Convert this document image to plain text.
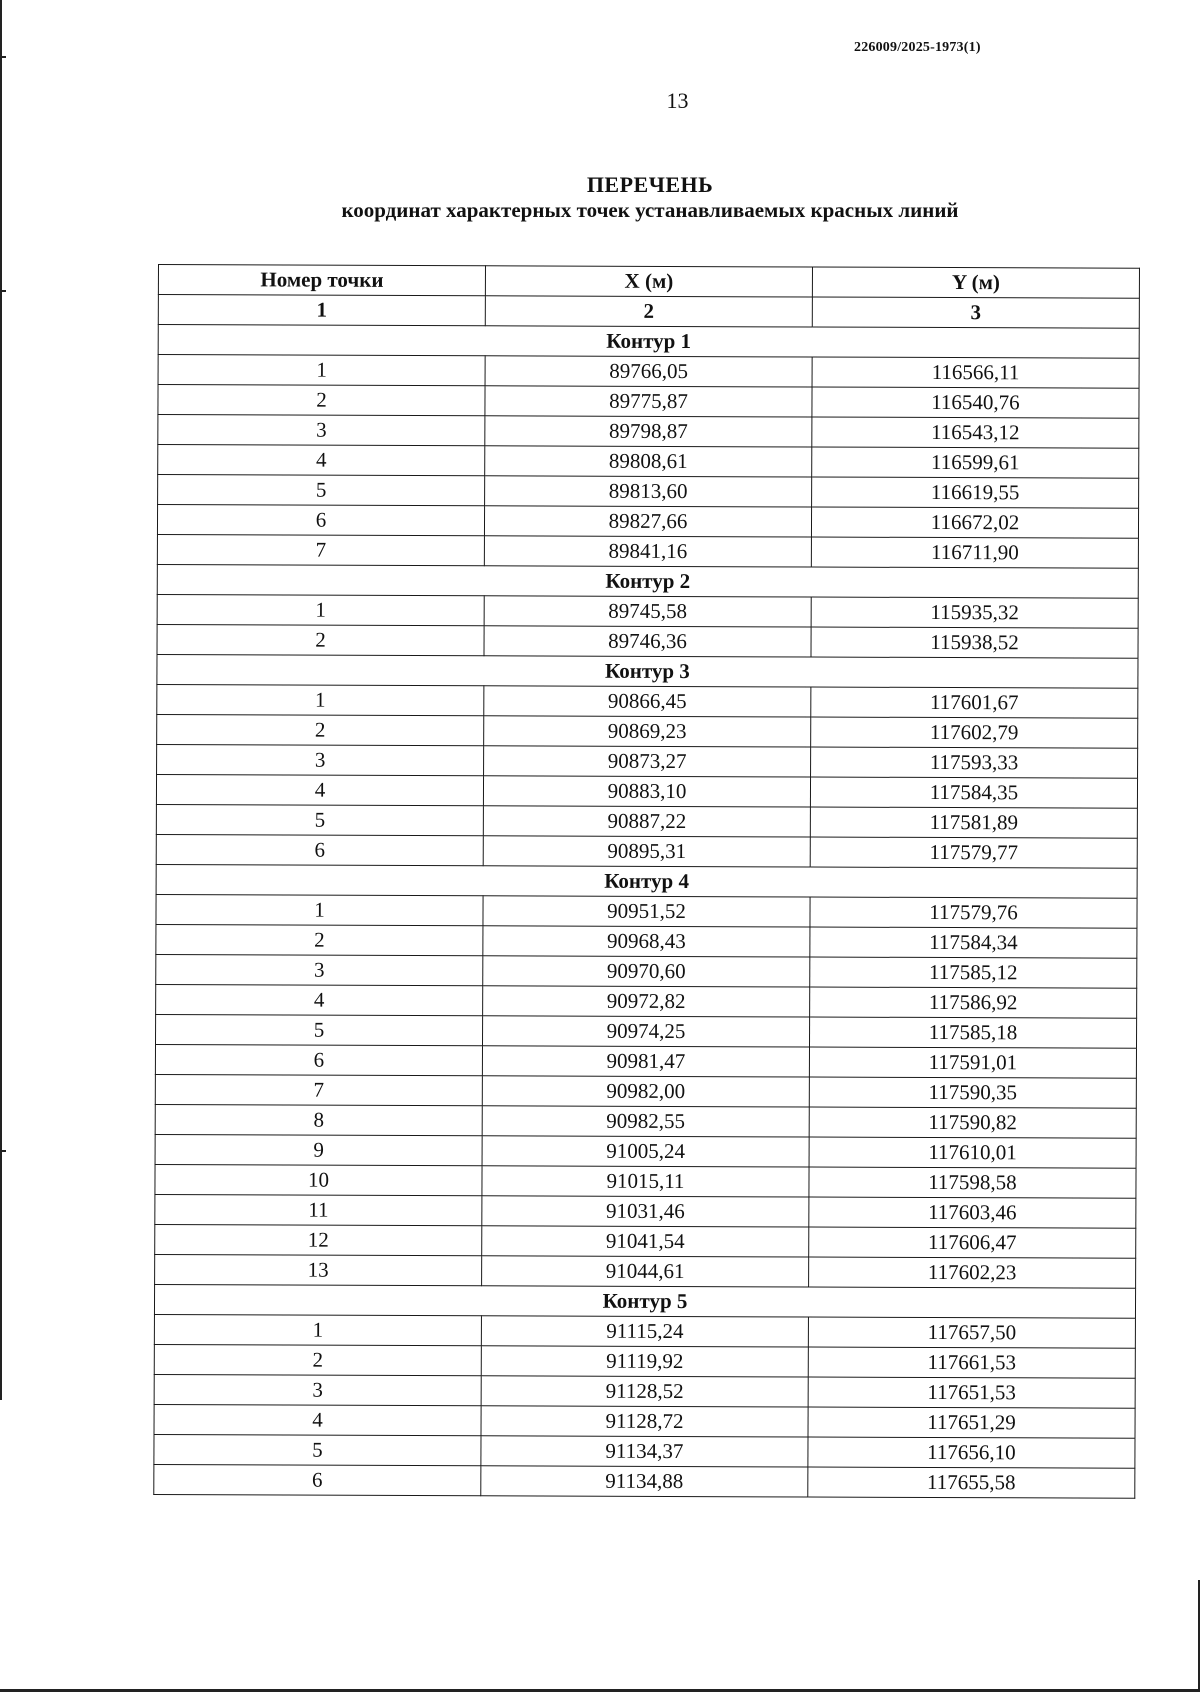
226009/2025-1973(1)
13
ПЕРЕЧЕНЬ
координат характерных точек устанавливаемых красных линий
Номер точки	X (м)	Y (м)
1	2	3
Контур 1		
1	89766,05	116566,11
2	89775,87	116540,76
3	89798,87	116543,12
4	89808,61	116599,61
5	89813,60	116619,55
6	89827,66	116672,02
7	89841,16	116711,90
Контур 2		
1	89745,58	115935,32
2	89746,36	115938,52
Контур 3		
1	90866,45	117601,67
2	90869,23	117602,79
3	90873,27	117593,33
4	90883,10	117584,35
5	90887,22	117581,89
6	90895,31	117579,77
Контур 4		
1	90951,52	117579,76
2	90968,43	117584,34
3	90970,60	117585,12
4	90972,82	117586,92
5	90974,25	117585,18
6	90981,47	117591,01
7	90982,00	117590,35
8	90982,55	117590,82
9	91005,24	117610,01
10	91015,11	117598,58
11	91031,46	117603,46
12	91041,54	117606,47
13	91044,61	117602,23
Контур 5		
1	91115,24	117657,50
2	91119,92	117661,53
3	91128,52	117651,53
4	91128,72	117651,29
5	91134,37	117656,10
6	91134,88	117655,58
